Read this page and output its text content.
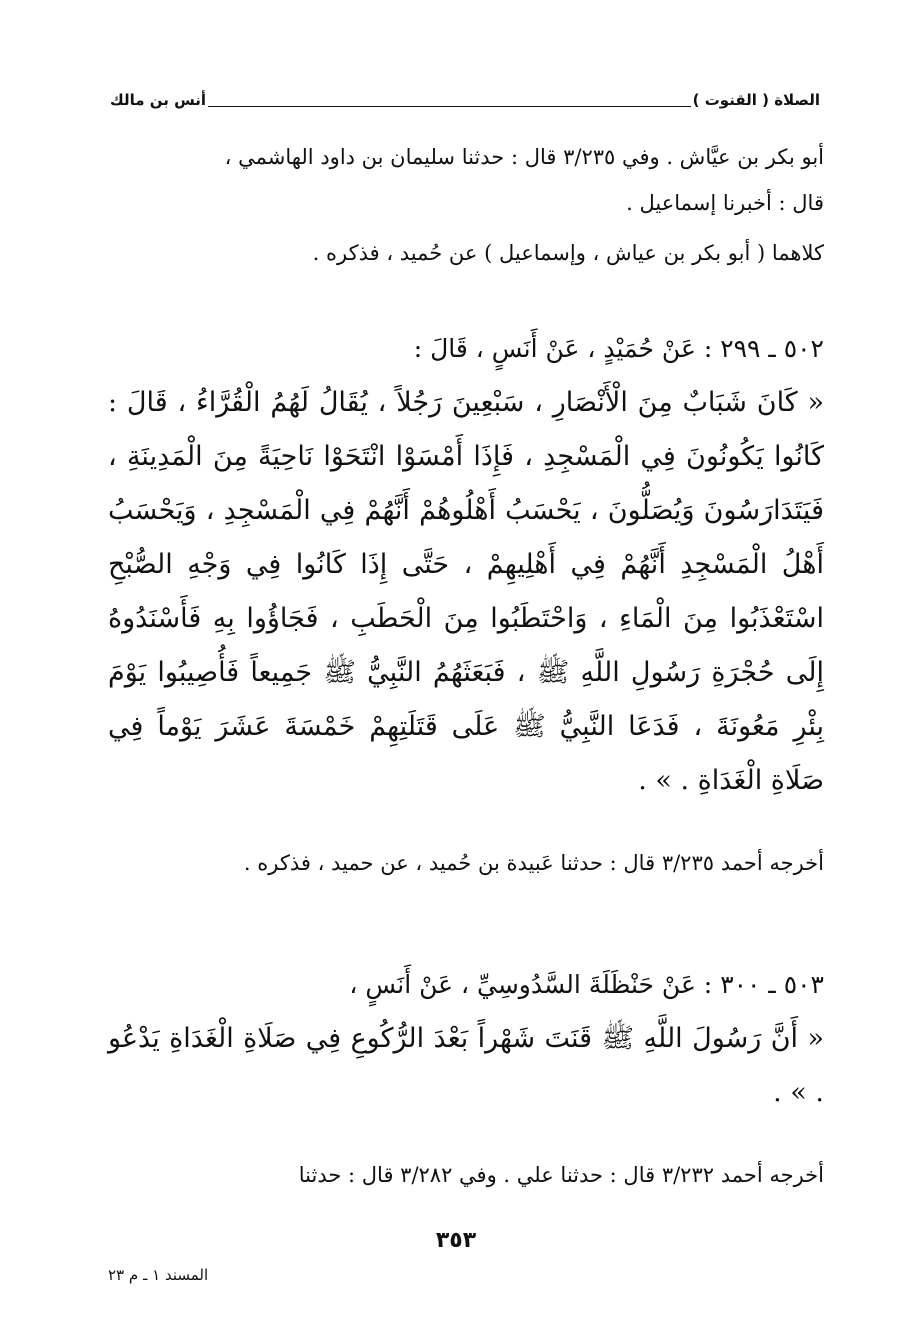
الصلاة ( القنوت )
أنس بن مالك

أبو بكر بن عيَّاش . وفي ٣/٢٣٥ قال : حدثنا سليمان بن داود الهاشمي ،

قال : أخبرنا إسماعيل .

كلاهما ( أبو بكر بن عياش ، وإسماعيل ) عن حُميد ، فذكره .

٥٠٢ ـ ٢٩٩ : عَنْ حُمَيْدٍ ، عَنْ أَنَسٍ ، قَالَ :

« كَانَ شَبَابٌ مِنَ الْأَنْصَارِ ، سَبْعِينَ رَجُلاً ، يُقَالُ لَهُمُ الْقُرَّاءُ ، قَالَ : كَانُوا يَكُونُونَ فِي الْمَسْجِدِ ، فَإِذَا أَمْسَوْا انْتَحَوْا نَاحِيَةً مِنَ الْمَدِينَةِ ، فَيَتَدَارَسُونَ وَيُصَلُّونَ ، يَحْسَبُ أَهْلُوهُمْ أَنَّهُمْ فِي الْمَسْجِدِ ، وَيَحْسَبُ أَهْلُ الْمَسْجِدِ أَنَّهُمْ فِي أَهْلِيهِمْ ، حَتَّى إِذَا كَانُوا فِي وَجْهِ الصُّبْحِ اسْتَعْذَبُوا مِنَ الْمَاءِ ، وَاحْتَطَبُوا مِنَ الْحَطَبِ ، فَجَاؤُوا بِهِ فَأَسْنَدُوهُ إِلَى حُجْرَةِ رَسُولِ اللَّهِ ﷺ ، فَبَعَثَهُمُ النَّبِيُّ ﷺ جَمِيعاً فَأُصِيبُوا يَوْمَ بِئْرِ مَعُونَةَ ، فَدَعَا النَّبِيُّ ﷺ عَلَى قَتَلَتِهِمْ خَمْسَةَ عَشَرَ يَوْماً فِي صَلَاةِ الْغَدَاةِ . » .

أخرجه أحمد ٣/٢٣٥ قال : حدثنا عَبيدة بن حُميد ، عن حميد ، فذكره .

٥٠٣ ـ ٣٠٠ : عَنْ حَنْظَلَةَ السَّدُوسِيِّ ، عَنْ أَنَسٍ ،

« أَنَّ رَسُولَ اللَّهِ ﷺ قَنَتَ شَهْراً بَعْدَ الرُّكُوعِ فِي صَلَاةِ الْغَدَاةِ يَدْعُو . » .

أخرجه أحمد ٣/٢٣٢ قال : حدثنا علي . وفي ٣/٢٨٢ قال : حدثنا

٣٥٣
المسند ١ ـ م ٢٣
